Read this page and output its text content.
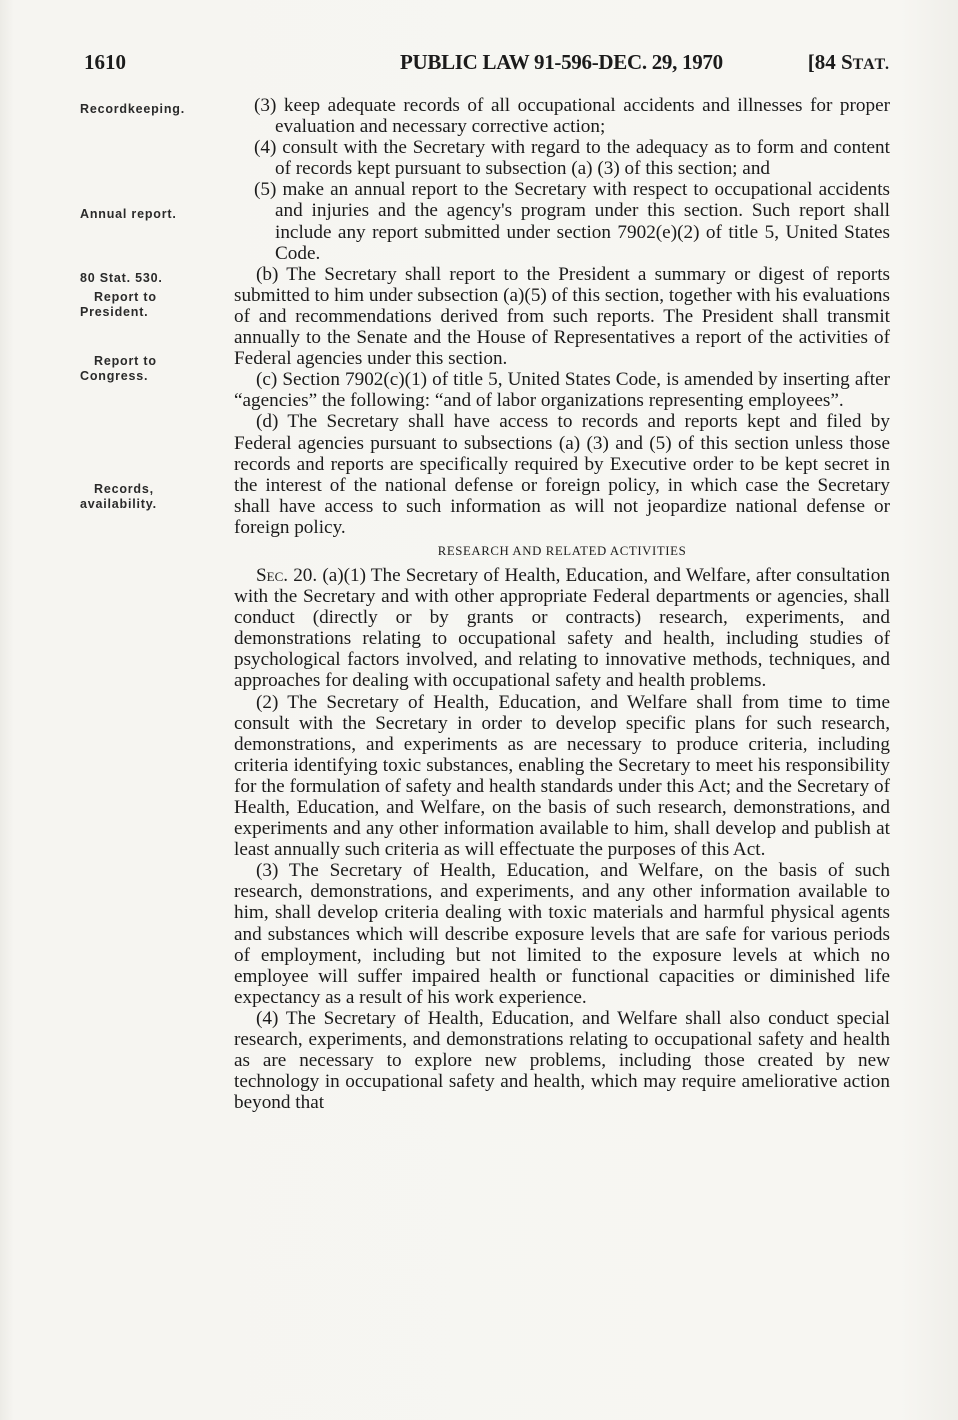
1610	PUBLIC LAW 91-596-DEC. 29, 1970	[84 STAT.
Recordkeeping.
Annual report.
80 Stat. 530.
Report to
President.
Report to
Congress.
Records,
availability.

(3) keep adequate records of all occupational accidents and illnesses for proper evaluation and necessary corrective action;

(4) consult with the Secretary with regard to the adequacy as to form and content of records kept pursuant to subsection (a) (3) of this section; and

(5) make an annual report to the Secretary with respect to occupational accidents and injuries and the agency's program under this section. Such report shall include any report submitted under section 7902(e)(2) of title 5, United States Code.

(b) The Secretary shall report to the President a summary or digest of reports submitted to him under subsection (a)(5) of this section, together with his evaluations of and recommendations derived from such reports. The President shall transmit annually to the Senate and the House of Representatives a report of the activities of Federal agencies under this section.

(c) Section 7902(c)(1) of title 5, United States Code, is amended by inserting after “agencies” the following: “and of labor organizations representing employees”.

(d) The Secretary shall have access to records and reports kept and filed by Federal agencies pursuant to subsections (a) (3) and (5) of this section unless those records and reports are specifically required by Executive order to be kept secret in the interest of the national defense or foreign policy, in which case the Secretary shall have access to such information as will not jeopardize national defense or foreign policy.

RESEARCH AND RELATED ACTIVITIES

Sec. 20. (a)(1) The Secretary of Health, Education, and Welfare, after consultation with the Secretary and with other appropriate Federal departments or agencies, shall conduct (directly or by grants or contracts) research, experiments, and demonstrations relating to occupational safety and health, including studies of psychological factors involved, and relating to innovative methods, techniques, and approaches for dealing with occupational safety and health problems.

(2) The Secretary of Health, Education, and Welfare shall from time to time consult with the Secretary in order to develop specific plans for such research, demonstrations, and experiments as are necessary to produce criteria, including criteria identifying toxic substances, enabling the Secretary to meet his responsibility for the formulation of safety and health standards under this Act; and the Secretary of Health, Education, and Welfare, on the basis of such research, demonstrations, and experiments and any other information available to him, shall develop and publish at least annually such criteria as will effectuate the purposes of this Act.

(3) The Secretary of Health, Education, and Welfare, on the basis of such research, demonstrations, and experiments, and any other information available to him, shall develop criteria dealing with toxic materials and harmful physical agents and substances which will describe exposure levels that are safe for various periods of employment, including but not limited to the exposure levels at which no employee will suffer impaired health or functional capacities or diminished life expectancy as a result of his work experience.

(4) The Secretary of Health, Education, and Welfare shall also conduct special research, experiments, and demonstrations relating to occupational safety and health as are necessary to explore new problems, including those created by new technology in occupational safety and health, which may require ameliorative action beyond that
